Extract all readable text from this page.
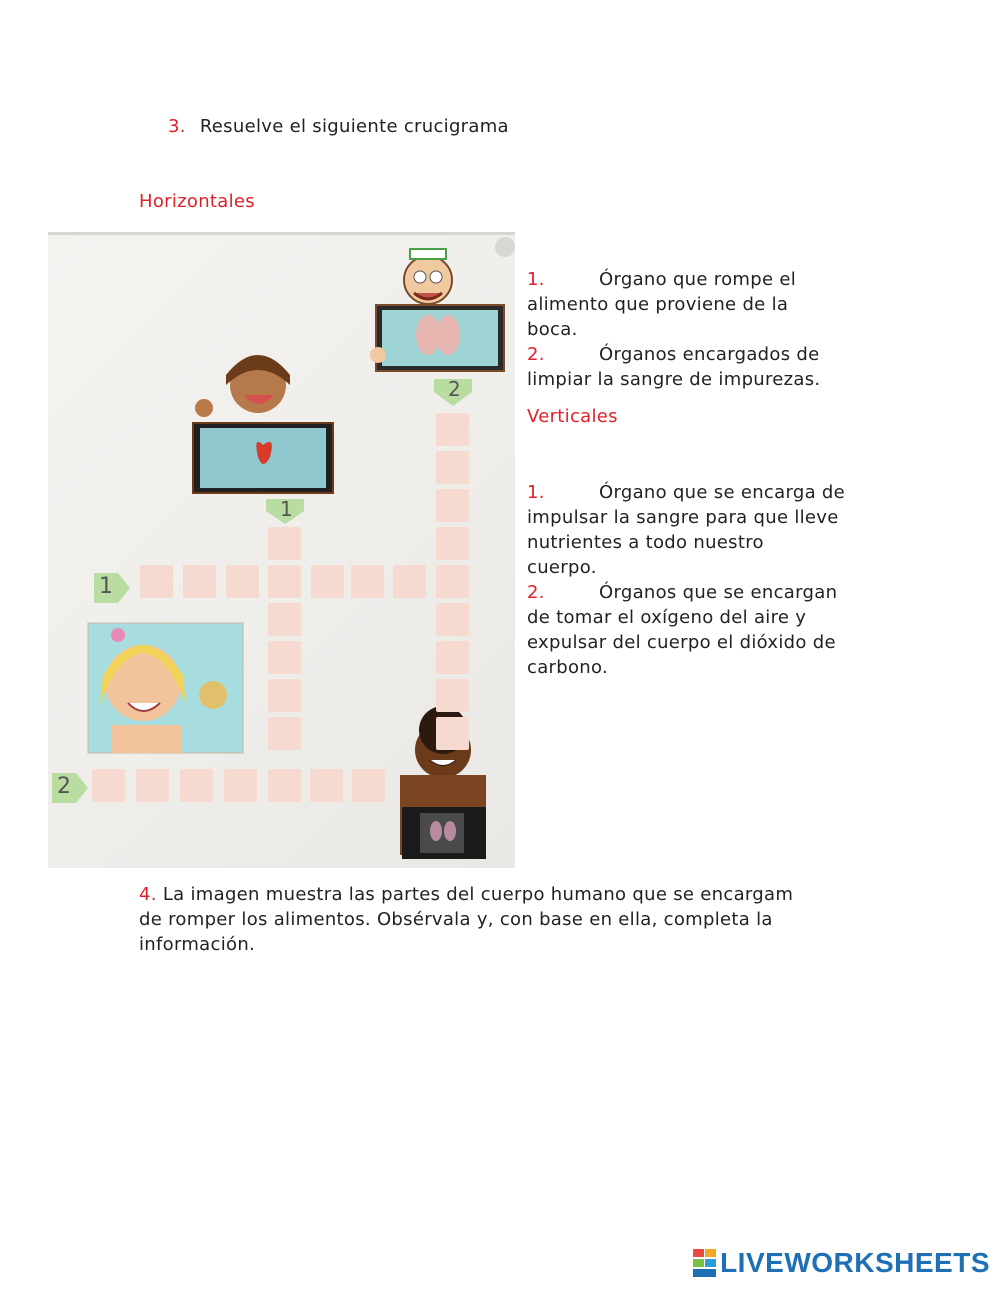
3. Resuelve el siguiente crucigrama
Horizontales
1
2
1
2
1.	Órgano que rompe el
alimento que proviene de la
boca.
2.	Órganos encargados de
limpiar la sangre de impurezas.
Verticales
1.	Órgano que se encarga de
impulsar la sangre para que lleve
nutrientes a todo nuestro
cuerpo.
2.	Órganos que se encargan
de tomar el oxígeno del aire y
expulsar del cuerpo el dióxido de
carbono.
4. La imagen muestra las partes del cuerpo humano que se encargam
de romper los alimentos. Obsérvala y, con base en ella, completa la
información.
LIVEWORKSHEETS
